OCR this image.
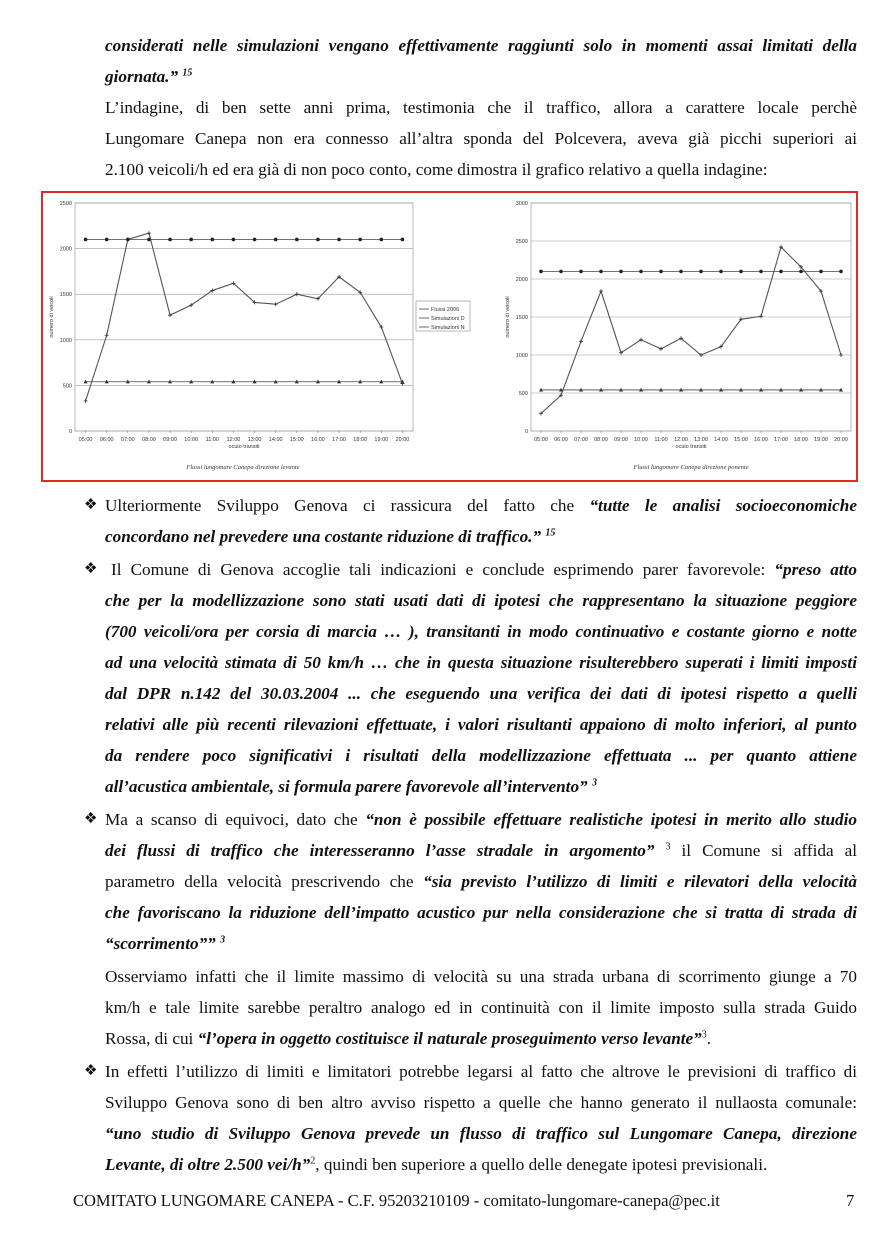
considerati nelle simulazioni vengano effettivamente raggiunti solo in momenti assai limitati della
giornata.” $^{15}$
L’indagine, di ben sette anni prima, testimonia che il traffico, allora a carattere locale perchè
Lungomare Canepa non era connesso all’altra sponda del Polcevera, aveva già picchi superiori ai
2.100 veicoli/h ed era già di non poco conto, come dimostra il grafico relativo a quella indagine:
0
500
1000
1500
2000
2500
05:00 06:00 07:00 08:00 09:00 10:00 11:00 12:00 13:00 14:00 15:00 16:00 17:00 18:00 19:00 20:00
ocuio transiti
numero di veicoli	Flussi 2006
Simulazioni D
Simulazioni N
Flussi lungomare Canepa direzione levante
0
500
1000
1500
2000
2500
3000
05:00 06:00 07:00 08:00 09:00 10:00 11:00 12:00 13:00 14:00 15:00 16:00 17:00 18:00 19:00 20:00
ocuio transiti
numero di veicoli
Flussi lungomare Canepa direzione ponente
❖ Ulteriormente Sviluppo Genova ci rassicura del fatto che “tutte le analisi socioeconomiche
concordano nel prevedere una costante riduzione di traffico.” $^{15}$
❖ Il Comune di Genova accoglie tali indicazioni e conclude esprimendo parer favorevole: “preso atto
che per la modellizzazione sono stati usati dati di ipotesi che rappresentano la situazione peggiore
(700 veicoli/ora per corsia di marcia … ), transitanti in modo continuativo e costante giorno e notte
ad una velocità stimata di 50 km/h … che in questa situazione risulterebbero superati i limiti imposti
dal DPR n.142 del 30.03.2004 ... che eseguendo una verifica dei dati di ipotesi rispetto a quelli
relativi alle più recenti rilevazioni effettuate, i valori risultanti appaiono di molto inferiori, al punto
da rendere poco significativi i risultati della modellizzazione effettuata ... per quanto attiene
all’acustica ambientale, si formula parere favorevole all’intervento” $^3$
❖ Ma a scanso di equivoci, dato che “non è possibile effettuare realistiche ipotesi in merito allo studio
dei flussi di traffico che interesseranno l’asse stradale in argomento” $^3$ il Comune si affida al
parametro della velocità prescrivendo che “sia previsto l’utilizzo di limiti e rilevatori della velocità
che favoriscano la riduzione dell’impatto acustico pur nella considerazione che si tratta di strada di
“scorrimento”” $^3$
Osserviamo infatti che il limite massimo di velocità su una strada urbana di scorrimento giunge a 70
km/h e tale limite sarebbe peraltro analogo ed in continuità con il limite imposto sulla strada Guido
Rossa, di cui “l’opera in oggetto costituisce il naturale proseguimento verso levante”$^3$.
❖ In effetti l’utilizzo di limiti e limitatori potrebbe legarsi al fatto che altrove le previsioni di traffico di
Sviluppo Genova sono di ben altro avviso rispetto a quelle che hanno generato il nullaosta comunale:
“uno studio di Sviluppo Genova prevede un flusso di traffico sul Lungomare Canepa, direzione
Levante, di oltre 2.500 vei/h”$^2$, quindi ben superiore a quello delle denegate ipotesi previsionali.
COMITATO LUNGOMARE CANEPA - C.F. 95203210109 - comitato-lungomare-canepa@pec.it	7
